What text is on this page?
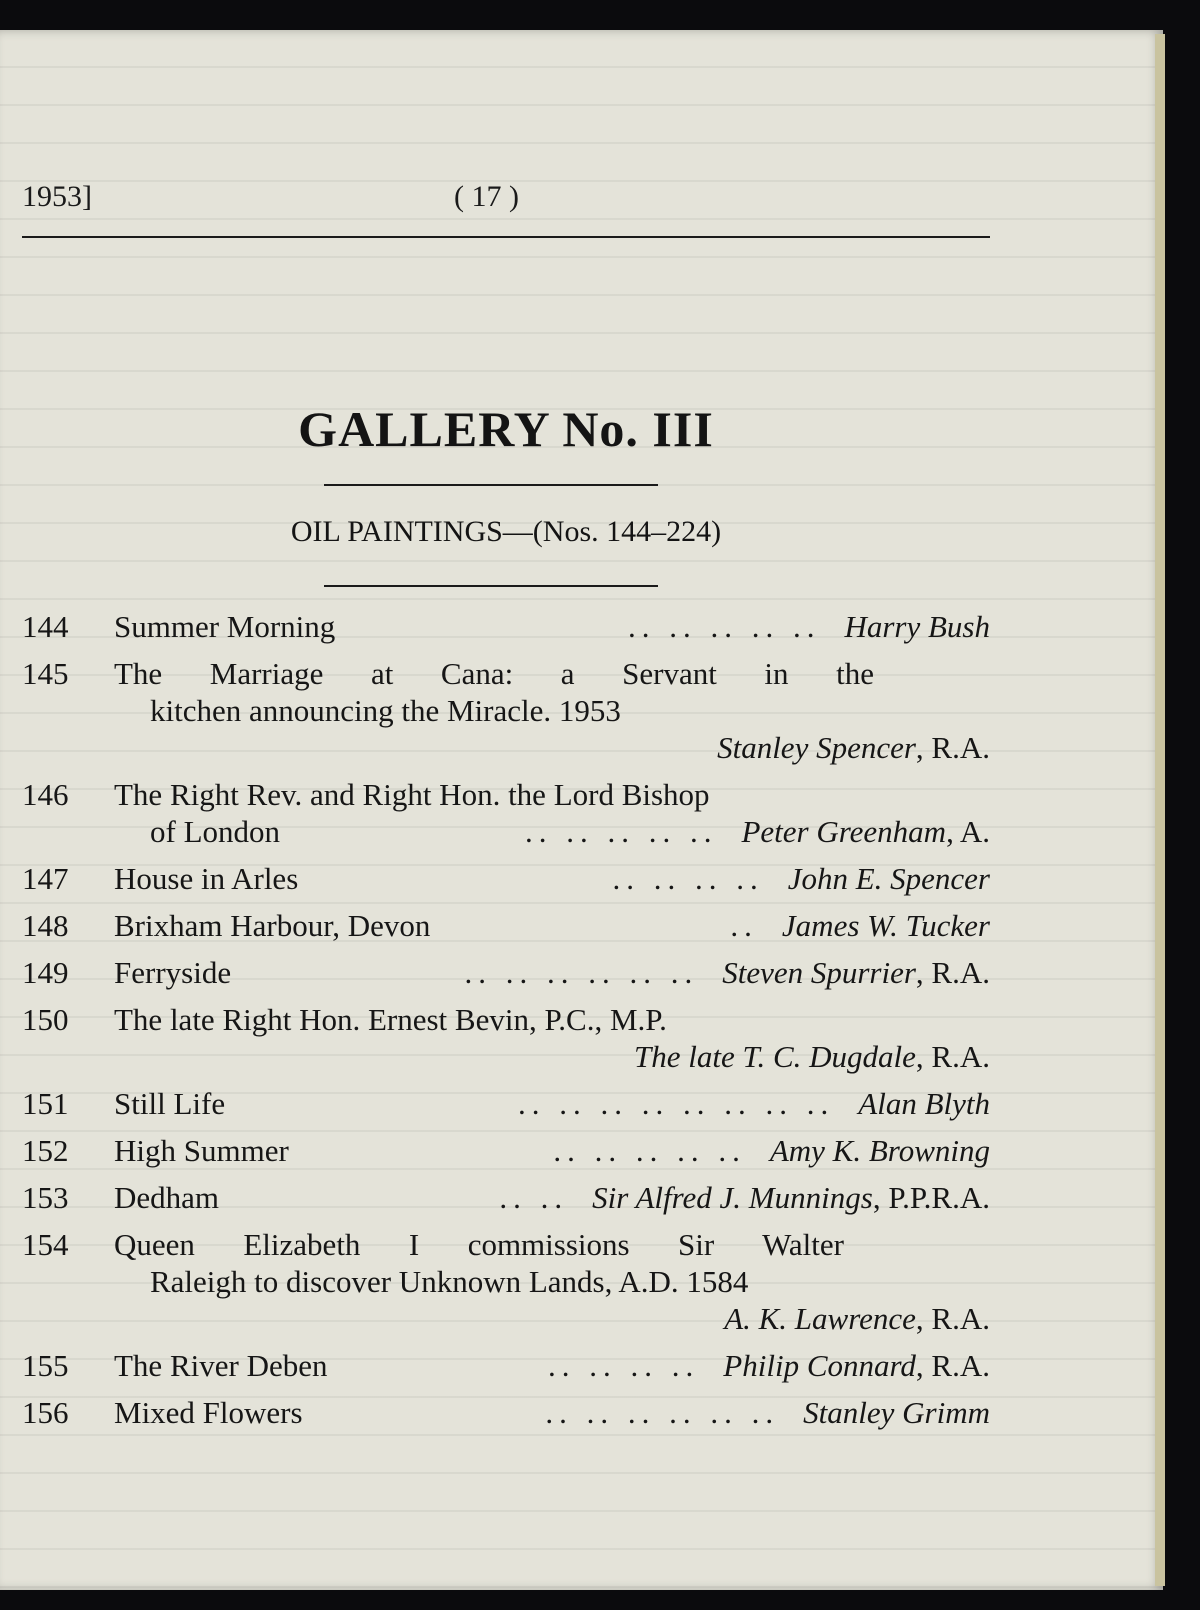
1953]	( 17 )
GALLERY No. III
OIL PAINTINGS—(Nos. 144–224)
144	Summer Morning	.. .. .. .. .. Harry Bush
145	The Marriage at Cana: a Servant in the
kitchen announcing the Miracle. 1953
Stanley Spencer, R.A.
146	The Right Rev. and Right Hon. the Lord Bishop
of London	.. .. .. .. .. Peter Greenham, A.
147	House in Arles	.. .. .. .. John E. Spencer
148	Brixham Harbour, Devon	.. James W. Tucker
149	Ferryside	.. .. .. .. .. .. Steven Spurrier, R.A.
150	The late Right Hon. Ernest Bevin, P.C., M.P.
The late T. C. Dugdale, R.A.
151	Still Life	.. .. .. .. .. .. .. .. Alan Blyth
152	High Summer	.. .. .. .. .. Amy K. Browning
153	Dedham	.. .. Sir Alfred J. Munnings, P.P.R.A.
154	Queen Elizabeth I commissions Sir Walter
Raleigh to discover Unknown Lands, A.D. 1584
A. K. Lawrence, R.A.
155	The River Deben	.. .. .. .. Philip Connard, R.A.
156	Mixed Flowers	.. .. .. .. .. .. Stanley Grimm
